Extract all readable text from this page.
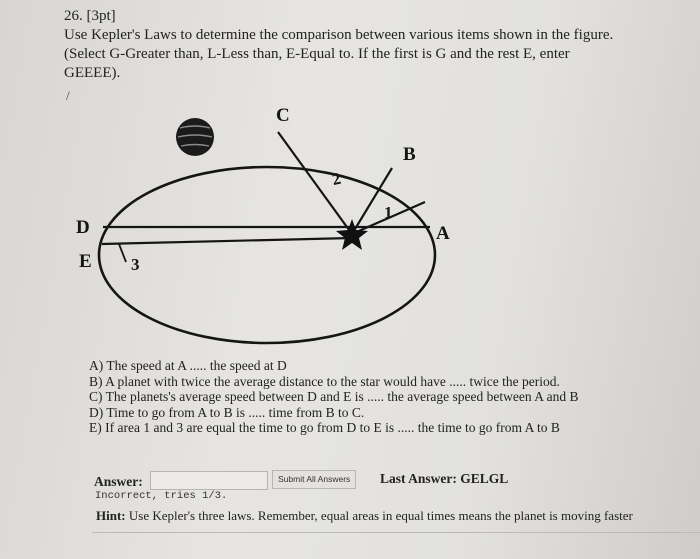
26. [3pt]
Use Kepler's Laws to determine the comparison between various items shown in the figure.
(Select G-Greater than, L-Less than, E-Equal to. If the first is G and the rest E, enter
GEEEE).
/
C
B
A
D
E
1
2
3
A) The speed at A ..... the speed at D
B) A planet with twice the average distance to the star would have ..... twice the period.
C) The planets's average speed between D and E is ..... the average speed between A and B
D) Time to go from A to B is ..... time from B to C.
E) If area 1 and 3 are equal the time to go from D to E is ..... the time to go from A to B
Answer:	Submit All Answers	Last Answer: GELGL
Incorrect, tries 1/3.
Hint: Use Kepler's three laws. Remember, equal areas in equal times means the planet is moving faster
